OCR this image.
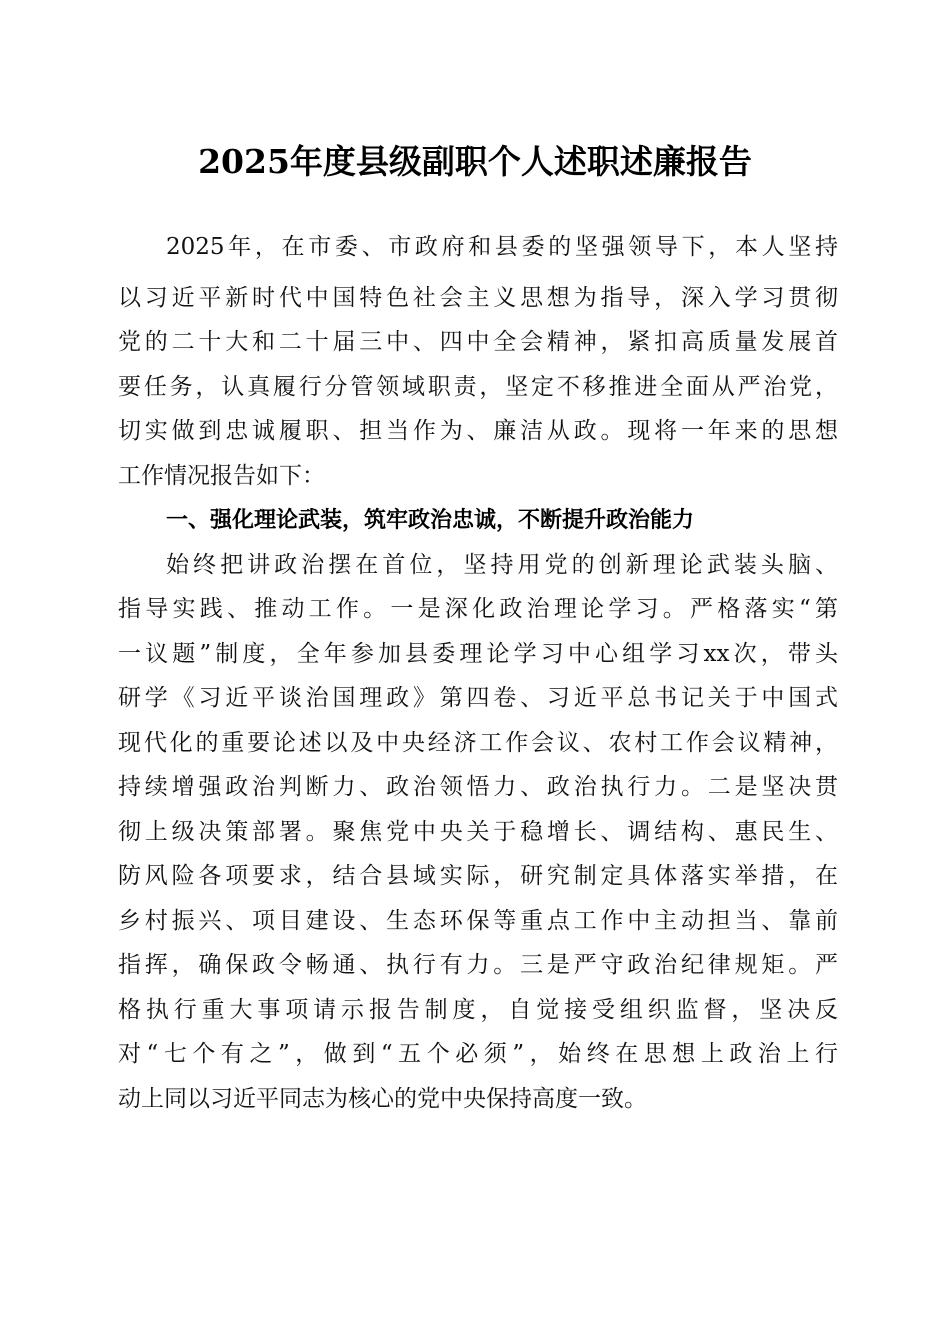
2025年度县级副职个人述职述廉报告
2025年，在市委、市政府和县委的坚强领导下，本人坚持
以习近平新时代中国特色社会主义思想为指导，深入学习贯彻
党的二十大和二十届三中、四中全会精神，紧扣高质量发展首
要任务，认真履行分管领域职责，坚定不移推进全面从严治党，
切实做到忠诚履职、担当作为、廉洁从政。现将一年来的思想
工作情况报告如下：
一、强化理论武装，筑牢政治忠诚，不断提升政治能力
始终把讲政治摆在首位，坚持用党的创新理论武装头脑、
指导实践、推动工作。一是深化政治理论学习。严格落实“第
一议题”制度，全年参加县委理论学习中心组学习xx次，带头
研学《习近平谈治国理政》第四卷、习近平总书记关于中国式
现代化的重要论述以及中央经济工作会议、农村工作会议精神，
持续增强政治判断力、政治领悟力、政治执行力。二是坚决贯
彻上级决策部署。聚焦党中央关于稳增长、调结构、惠民生、
防风险各项要求，结合县域实际，研究制定具体落实举措，在
乡村振兴、项目建设、生态环保等重点工作中主动担当、靠前
指挥，确保政令畅通、执行有力。三是严守政治纪律规矩。严
格执行重大事项请示报告制度，自觉接受组织监督，坚决反
对“七个有之”，做到“五个必须”，始终在思想上政治上行
动上同以习近平同志为核心的党中央保持高度一致。
